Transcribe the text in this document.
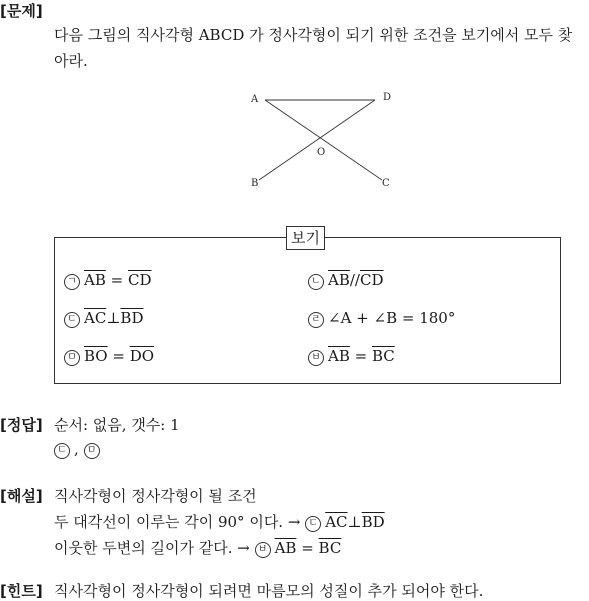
[문제]
다음 그림의 직사각형 ABCD 가 정사각형이 되기 위한 조건을 보기에서 모두 찾
아라.
A	D
B	C
O
보기
ㄱ $\overline{AB} = \overline{CD}$	ㄴ $\overline{AB}//\overline{CD}$
ㄷ $\overline{AC}\perp\overline{BD}$	ㄹ ∠A + ∠B = 180°
ㅁ $\overline{BO} = \overline{DO}$	ㅂ $\overline{AB} = \overline{BC}$
[정답] 순서: 없음, 갯수: 1
ㄷ , ㅁ
[해설] 직사각형이 정사각형이 될 조건
두 대각선이 이루는 각이 90° 이다. → ㄷ $\overline{AC}\perp\overline{BD}$
이웃한 두변의 길이가 같다. → ㅂ $\overline{AB} = \overline{BC}$
[힌트] 직사각형이 정사각형이 되려면 마름모의 성질이 추가 되어야 한다.
